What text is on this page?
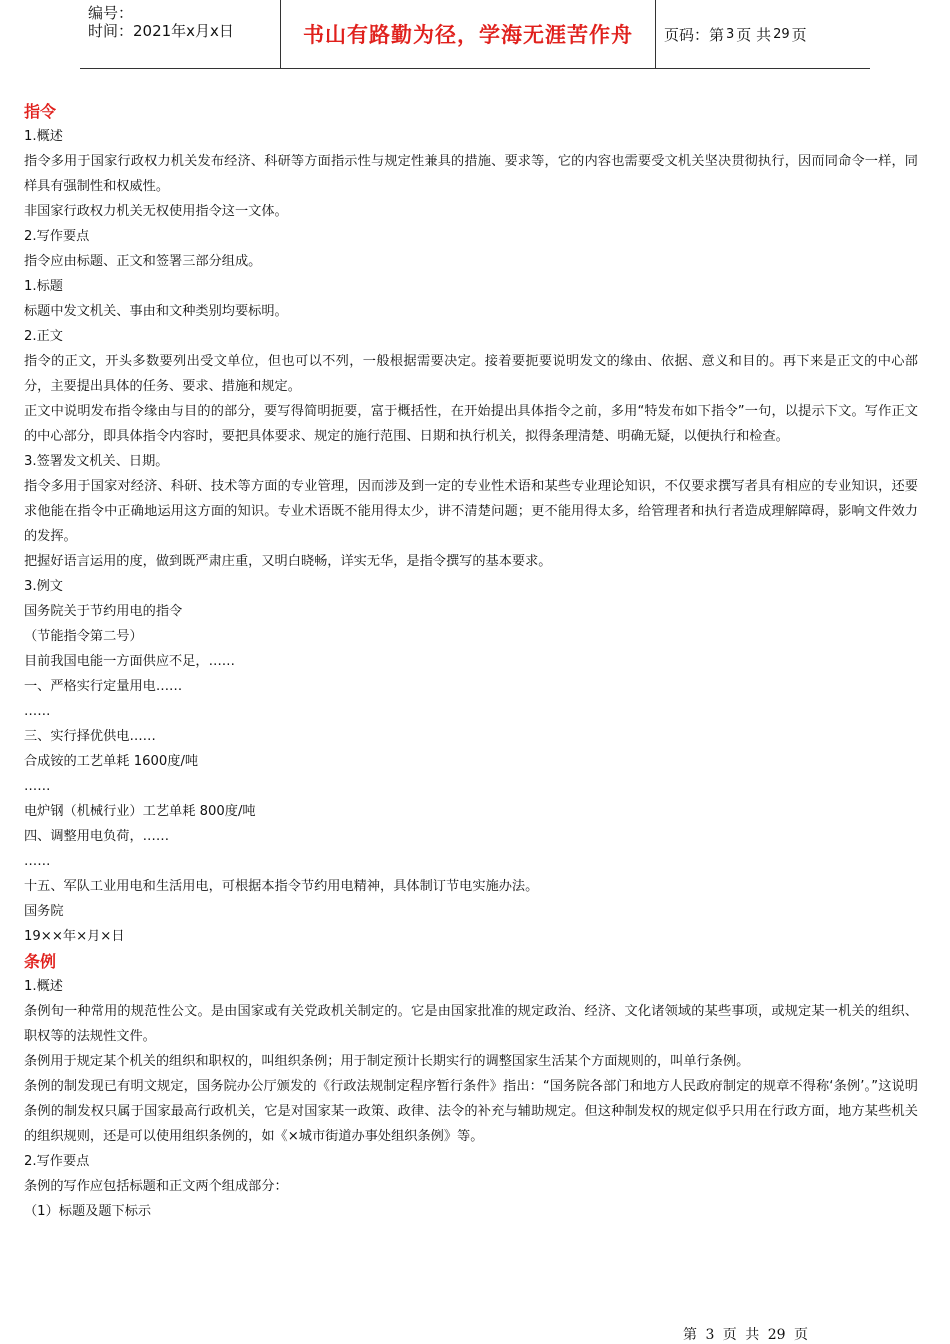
编号：
时间：2021年x月x日	书山有路勤为径，学海无涯苦作舟	页码：第 3 页 共 29 页
指令
1.概述
指令多用于国家行政权力机关发布经济、科研等方面指示性与规定性兼具的措施、要求等，它的内容也需要受文机关坚决贯彻执行，因而同命令一样，同样具有强制性和权威性。
非国家行政权力机关无权使用指令这一文体。
2.写作要点
指令应由标题、正文和签署三部分组成。
1.标题
标题中发文机关、事由和文种类别均要标明。
2.正文
指令的正文，开头多数要列出受文单位，但也可以不列，一般根据需要决定。接着要扼要说明发文的缘由、依据、意义和目的。再下来是正文的中心部分，主要提出具体的任务、要求、措施和规定。
正文中说明发布指令缘由与目的的部分，要写得简明扼要，富于概括性，在开始提出具体指令之前，多用“特发布如下指令”一句，以提示下文。写作正文的中心部分，即具体指令内容时，要把具体要求、规定的施行范围、日期和执行机关，拟得条理清楚、明确无疑，以便执行和检查。
3.签署发文机关、日期。
指令多用于国家对经济、科研、技术等方面的专业管理，因而涉及到一定的专业性术语和某些专业理论知识，不仅要求撰写者具有相应的专业知识，还要求他能在指令中正确地运用这方面的知识。专业术语既不能用得太少，讲不清楚问题；更不能用得太多，给管理者和执行者造成理解障碍，影响文件效力的发挥。
把握好语言运用的度，做到既严肃庄重，又明白晓畅，详实无华，是指令撰写的基本要求。
3.例文
国务院关于节约用电的指令
（节能指令第二号）
目前我国电能一方面供应不足，……
一、严格实行定量用电……
……
三、实行择优供电……
合成铵的工艺单耗 1600度/吨
……
电炉钢（机械行业）工艺单耗 800度/吨
四、调整用电负荷，……
……
十五、军队工业用电和生活用电，可根据本指令节约用电精神，具体制订节电实施办法。
国务院
19××年×月×日
条例
1.概述
条例旬一种常用的规范性公文。是由国家或有关党政机关制定的。它是由国家批准的规定政治、经济、文化诸领域的某些事项，或规定某一机关的组织、职权等的法规性文件。
条例用于规定某个机关的组织和职权的，叫组织条例；用于制定预计长期实行的调整国家生活某个方面规则的，叫单行条例。
条例的制发现已有明文规定，国务院办公厅颁发的《行政法规制定程序暂行条件》指出：“国务院各部门和地方人民政府制定的规章不得称‘条例’。”这说明条例的制发权只属于国家最高行政机关，它是对国家某一政策、政律、法令的补充与辅助规定。但这种制发权的规定似乎只用在行政方面，地方某些机关的组织规则，还是可以使用组织条例的，如《×城市街道办事处组织条例》等。
2.写作要点
条例的写作应包括标题和正文两个组成部分：
（1）标题及题下标示
第 3 页 共 29 页
